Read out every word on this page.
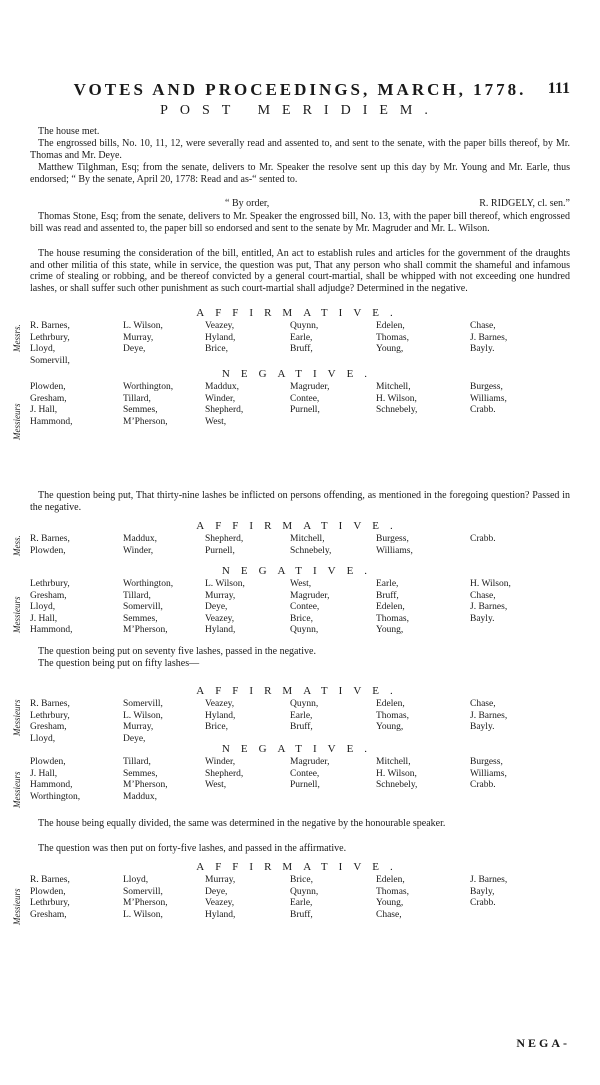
VOTES AND PROCEEDINGS, MARCH, 1778.	111
POST MERIDIEM.
The house met.
The engrossed bills, No. 10, 11, 12, were severally read and assented to, and sent to the senate, with the paper bills thereof, by Mr. Thomas and Mr. Deye.
Matthew Tilghman, Esq; from the senate, delivers to Mr. Speaker the resolve sent up this day by Mr. Young and Mr. Earle, thus endorsed; “ By the senate, April 20, 1778: Read and as-“ sented to.
“ By order,	R. RIDGELY, cl. sen.”
Thomas Stone, Esq; from the senate, delivers to Mr. Speaker the engrossed bill, No. 13, with the paper bill thereof, which engrossed bill was read and assented to, the paper bill so endorsed and sent to the senate by Mr. Magruder and Mr. L. Wilson.
The house resuming the consideration of the bill, entitled, An act to establish rules and articles for the government of the draughts and other militia of this state, while in service, the question was put, That any person who shall commit the shameful and infamous crime of stealing or robbing, and be thereof convicted by a general court-martial, shall be whipped with not exceeding one hundred lashes, or shall suffer such other punishment as such court-martial shall adjudge? Determined in the negative.
AFFIRMATIVE.
R. Barnes,	L. Wilson,	Veazey,	Quynn,	Edelen,	Chase,
Lethrbury,	Murray,	Hyland,	Earle,	Thomas,	J. Barnes,
Lloyd,	Deye,	Brice,	Bruff,	Young,	Bayly.
Somervill,
NEGATIVE.
Plowden,	Worthington,	Maddux,	Magruder,	Mitchell,	Burgess,
Gresham,	Tillard,	Winder,	Contee,	H. Wilson,	Williams,
J. Hall,	Semmes,	Shepherd,	Purnell,	Schnebely,	Crabb.
Hammond,	M’Pherson,	West,
The question being put, That thirty-nine lashes be inflicted on persons offending, as mentioned in the foregoing question? Passed in the negative.
AFFIRMATIVE.
R. Barnes,	Maddux,	Shepherd,	Mitchell,	Burgess,	Crabb.
Plowden,	Winder,	Purnell,	Schnebely,	Williams,
NEGATIVE.
Lethrbury,	Worthington,	L. Wilson,	West,	Earle,	H. Wilson,
Gresham,	Tillard,	Murray,	Magruder,	Bruff,	Chase,
Lloyd,	Somervill,	Deye,	Contee,	Edelen,	J. Barnes,
J. Hall,	Semmes,	Veazey,	Brice,	Thomas,	Bayly.
Hammond,	M’Pherson,	Hyland,	Quynn,	Young,
The question being put on seventy five lashes, passed in the negative.
The question being put on fifty lashes—
AFFIRMATIVE.
R. Barnes,	Somervill,	Veazey,	Quynn,	Edelen,	Chase,
Lethrbury,	L. Wilson,	Hyland,	Earle,	Thomas,	J. Barnes,
Gresham,	Murray,	Brice,	Bruff,	Young,	Bayly.
Lloyd,	Deye,
NEGATIVE.
Plowden,	Tillard,	Winder,	Magruder,	Mitchell,	Burgess,
J. Hall,	Semmes,	Shepherd,	Contee,	H. Wilson,	Williams,
Hammond,	M’Pherson,	West,	Purnell,	Schnebely,	Crabb.
Worthington,	Maddux,
The house being equally divided, the same was determined in the negative by the honourable speaker.
The question was then put on forty-five lashes, and passed in the affirmative.
AFFIRMATIVE.
R. Barnes,	Lloyd,	Murray,	Brice,	Edelen,	J. Barnes,
Plowden,	Somervill,	Deye,	Quynn,	Thomas,	Bayly,
Lethrbury,	M’Pherson,	Veazey,	Earle,	Young,	Crabb.
Gresham,	L. Wilson,	Hyland,	Bruff,	Chase,
Messrs.
Messieurs
Mess.
Messieurs
Messieurs
Messieurs
Messieurs
NEGA-
